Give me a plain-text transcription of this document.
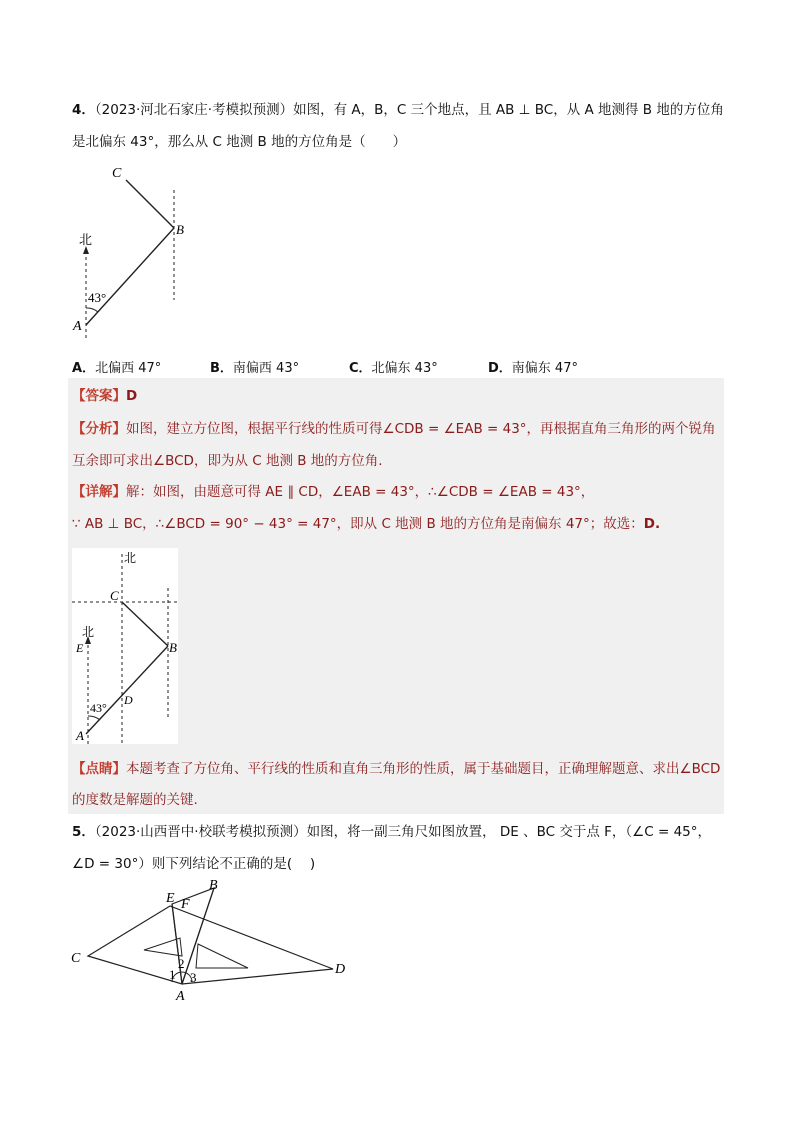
4．（2023·河北石家庄·考模拟预测）如图，有 A，B，C 三个地点，且 AB ⊥ BC，从 A 地测得 B 地的方位角
是北偏东 43°，那么从 C 地测 B 地的方位角是（　　）
C
B
北
43°
A
A．北偏西 47°	B．南偏西 43°	C．北偏东 43°	D．南偏东 47°
【答案】D
【分析】如图，建立方位图，根据平行线的性质可得∠CDB = ∠EAB = 43°，再根据直角三角形的两个锐角
互余即可求出∠BCD，即为从 C 地测 B 地的方位角.
【详解】解：如图，由题意可得 AE ∥ CD，∠EAB = 43°，∴∠CDB = ∠EAB = 43°，
∵ AB ⊥ BC，∴∠BCD = 90° − 43° = 47°，即从 C 地测 B 地的方位角是南偏东 47°；故选：D.
北
C
B
北
E
D
43°
A
【点睛】本题考查了方位角、平行线的性质和直角三角形的性质，属于基础题目，正确理解题意、求出∠BCD
的度数是解题的关键.
5．（2023·山西晋中·校联考模拟预测）如图，将一副三角尺如图放置， DE 、BC 交于点 F，（∠C = 45°，
∠D = 30°）则下列结论不正确的是(　 )
E
B
F
C
D
1
2
3
A
